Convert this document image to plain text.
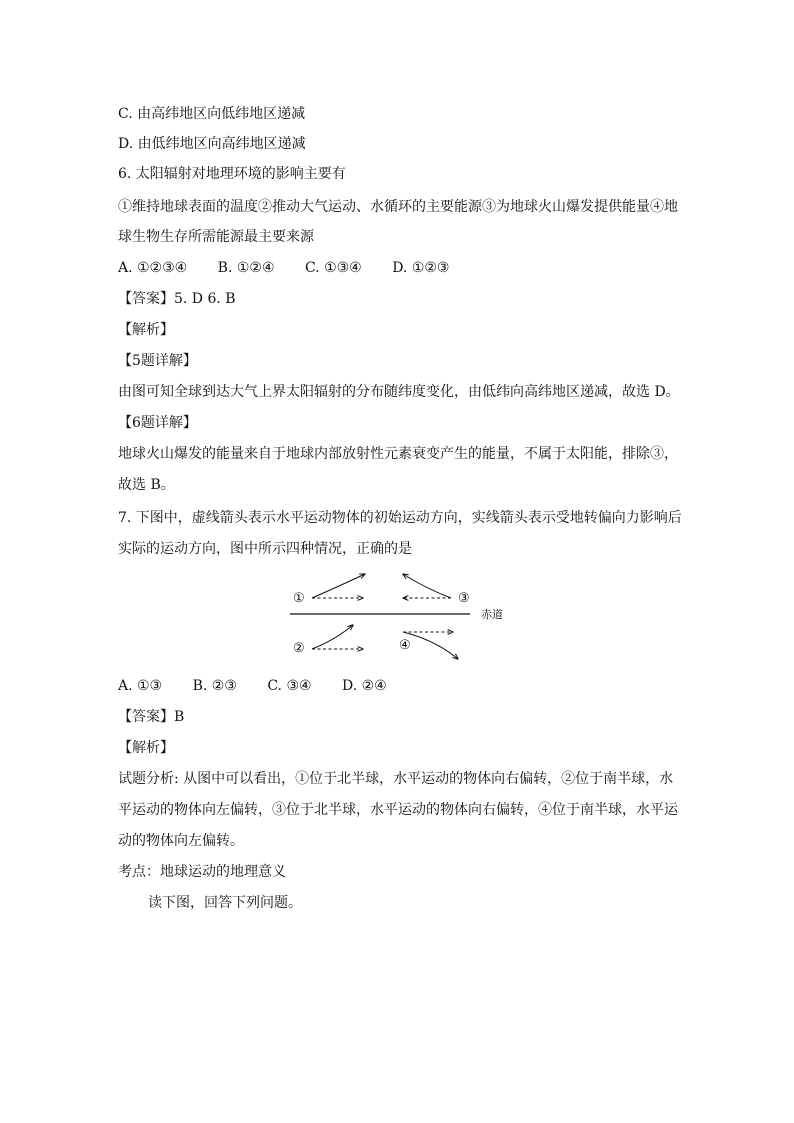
C. 由高纬地区向低纬地区递减
D. 由低纬地区向高纬地区递减
6. 太阳辐射对地理环境的影响主要有
①维持地球表面的温度②推动大气运动、水循环的主要能源③为地球火山爆发提供能量④地
球生物生存所需能源最主要来源
A. ①②③④ B. ①②④ C. ①③④ D. ①②③
【答案】5. D 6. B
【解析】
【5题详解】
由图可知全球到达大气上界太阳辐射的分布随纬度变化，由低纬向高纬地区递减，故选 D。
【6题详解】
地球火山爆发的能量来自于地球内部放射性元素衰变产生的能量，不属于太阳能，排除③，
故选 B。
7. 下图中，虚线箭头表示水平运动物体的初始运动方向，实线箭头表示受地转偏向力影响后
实际的运动方向，图中所示四种情况，正确的是
赤道
①	③
②	④
A. ①③ B. ②③ C. ③④ D. ②④
【答案】B
【解析】
试题分析: 从图中可以看出，①位于北半球，水平运动的物体向右偏转，②位于南半球，水
平运动的物体向左偏转，③位于北半球，水平运动的物体向右偏转，④位于南半球，水平运
动的物体向左偏转。
考点：地球运动的地理意义
读下图，回答下列问题。
